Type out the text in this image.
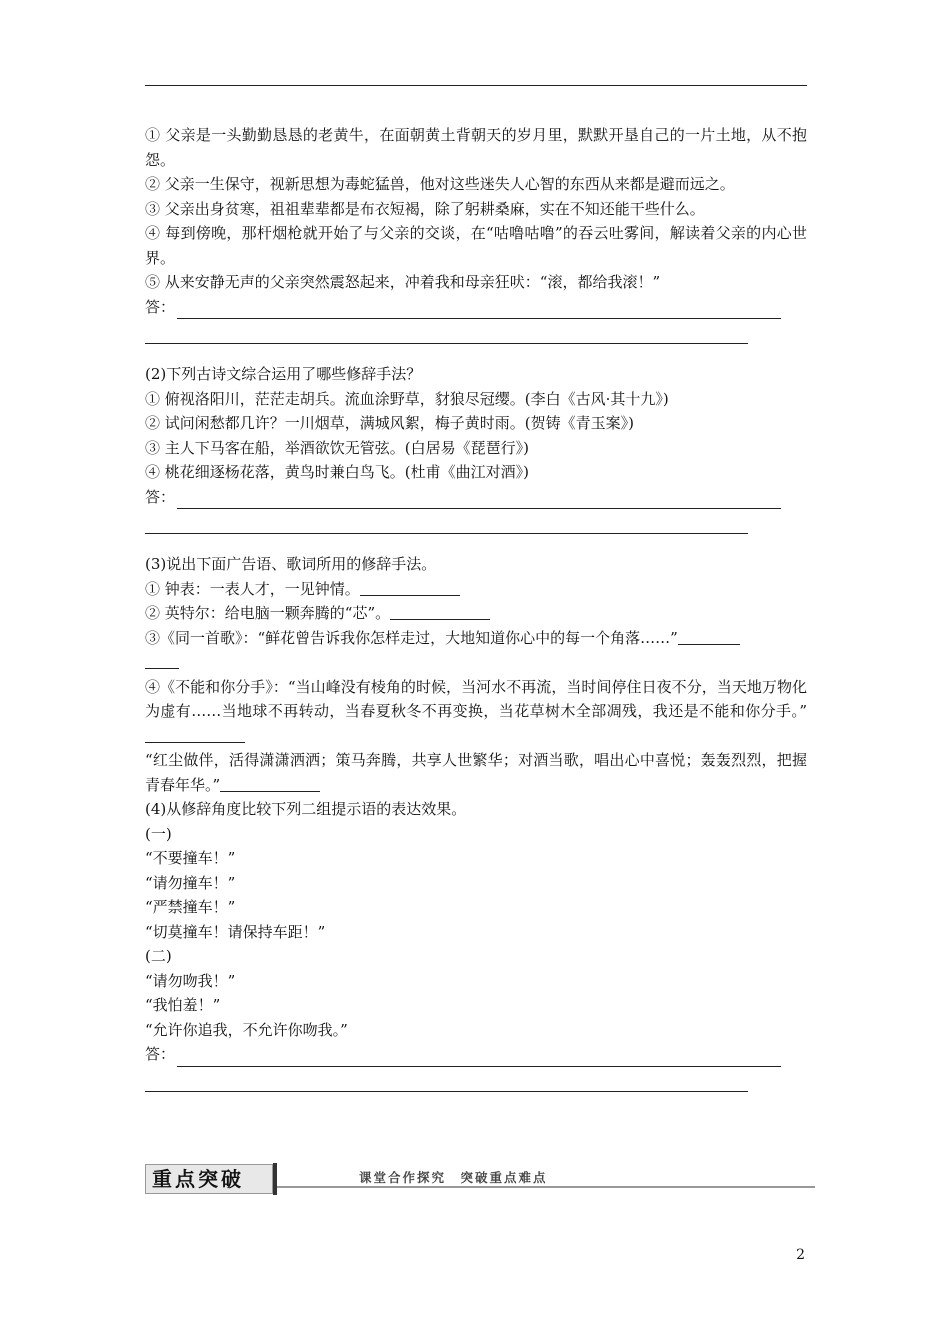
① 父亲是一头勤勤恳恳的老黄牛，在面朝黄土背朝天的岁月里，默默开垦自己的一片土地，从不抱怨。

② 父亲一生保守，视新思想为毒蛇猛兽，他对这些迷失人心智的东西从来都是避而远之。

③ 父亲出身贫寒，祖祖辈辈都是布衣短褐，除了躬耕桑麻，实在不知还能干些什么。

④ 每到傍晚，那杆烟枪就开始了与父亲的交谈，在“咕噜咕噜”的吞云吐雾间，解读着父亲的内心世界。

⑤ 从来安静无声的父亲突然震怒起来，冲着我和母亲狂吠：“滚，都给我滚！”

答：

(2)下列古诗文综合运用了哪些修辞手法？

① 俯视洛阳川，茫茫走胡兵。流血涂野草，豺狼尽冠缨。(李白《古风·其十九》)

② 试问闲愁都几许？一川烟草，满城风絮，梅子黄时雨。(贺铸《青玉案》)

③ 主人下马客在船，举酒欲饮无管弦。(白居易《琵琶行》)

④ 桃花细逐杨花落，黄鸟时兼白鸟飞。(杜甫《曲江对酒》)

答：

(3)说出下面广告语、歌词所用的修辞手法。

① 钟表：一表人才，一见钟情。

② 英特尔：给电脑一颗奔腾的“芯”。

③《同一首歌》：“鲜花曾告诉我你怎样走过，大地知道你心中的每一个角落……”

④《不能和你分手》：“当山峰没有棱角的时候，当河水不再流，当时间停住日夜不分，当天地万物化为虚有……当地球不再转动，当春夏秋冬不再变换，当花草树木全部凋残，我还是不能和你分手。”

“红尘做伴，活得潇潇洒洒；策马奔腾，共享人世繁华；对酒当歌，唱出心中喜悦；轰轰烈烈，把握青春年华。”

(4)从修辞角度比较下列二组提示语的表达效果。

(一)

“不要撞车！”

“请勿撞车！”

“严禁撞车！”

“切莫撞车！请保持车距！”

(二)

“请勿吻我！”

“我怕羞！”

“允许你追我，不允许你吻我。”

答：
重点突破	课堂合作探究　突破重点难点
2
